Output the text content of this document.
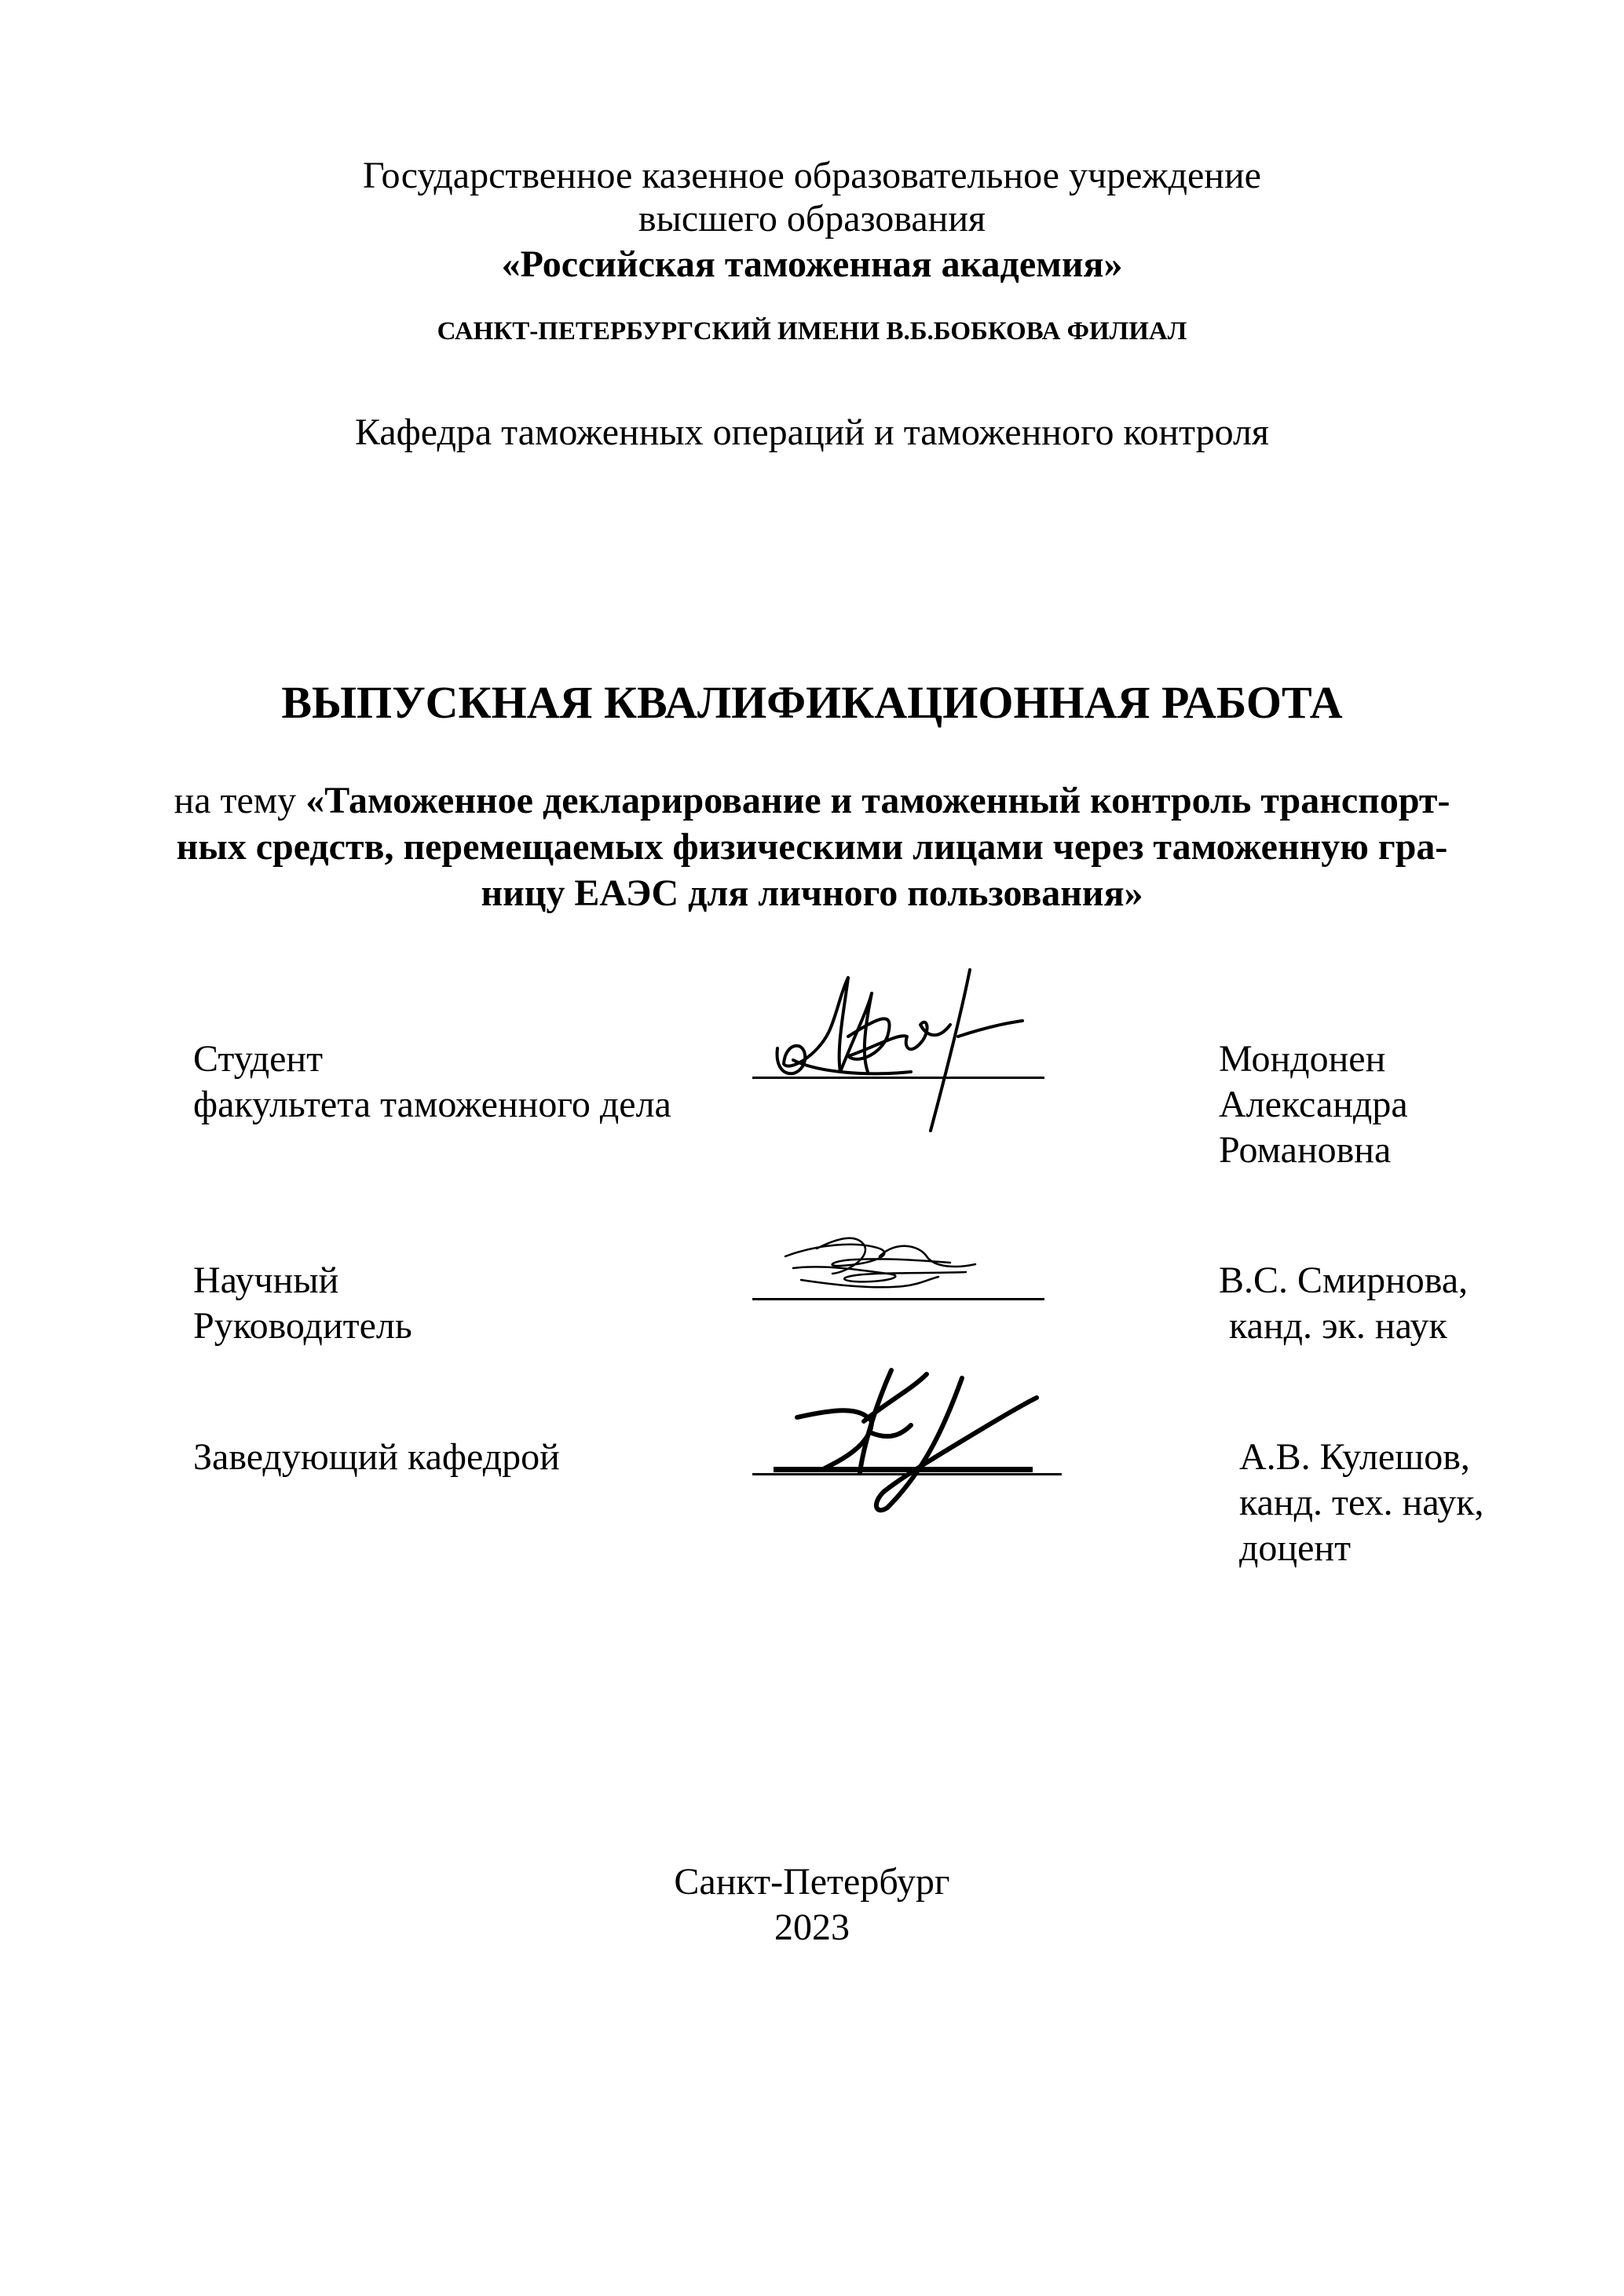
Государственное казенное образовательное учреждение

высшего образования

«Российская таможенная академия»

САНКТ-ПЕТЕРБУРГСКИЙ ИМЕНИ В.Б.БОБКОВА ФИЛИАЛ

Кафедра таможенных операций и таможенного контроля

ВЫПУСКНАЯ КВАЛИФИКАЦИОННАЯ РАБОТА

на тему «Таможенное декларирование и таможенный контроль транспорт-

ных средств, перемещаемых физическими лицами через таможенную гра-

ницу ЕАЭС для личного пользования»

Студент

факультета таможенного дела

Мондонен

Александра

Романовна

Научный

Руководитель

В.С. Смирнова,

канд. эк. наук

Заведующий кафедрой	А.В. Кулешов,

канд. тех. наук,

доцент

Санкт-Петербург

2023
